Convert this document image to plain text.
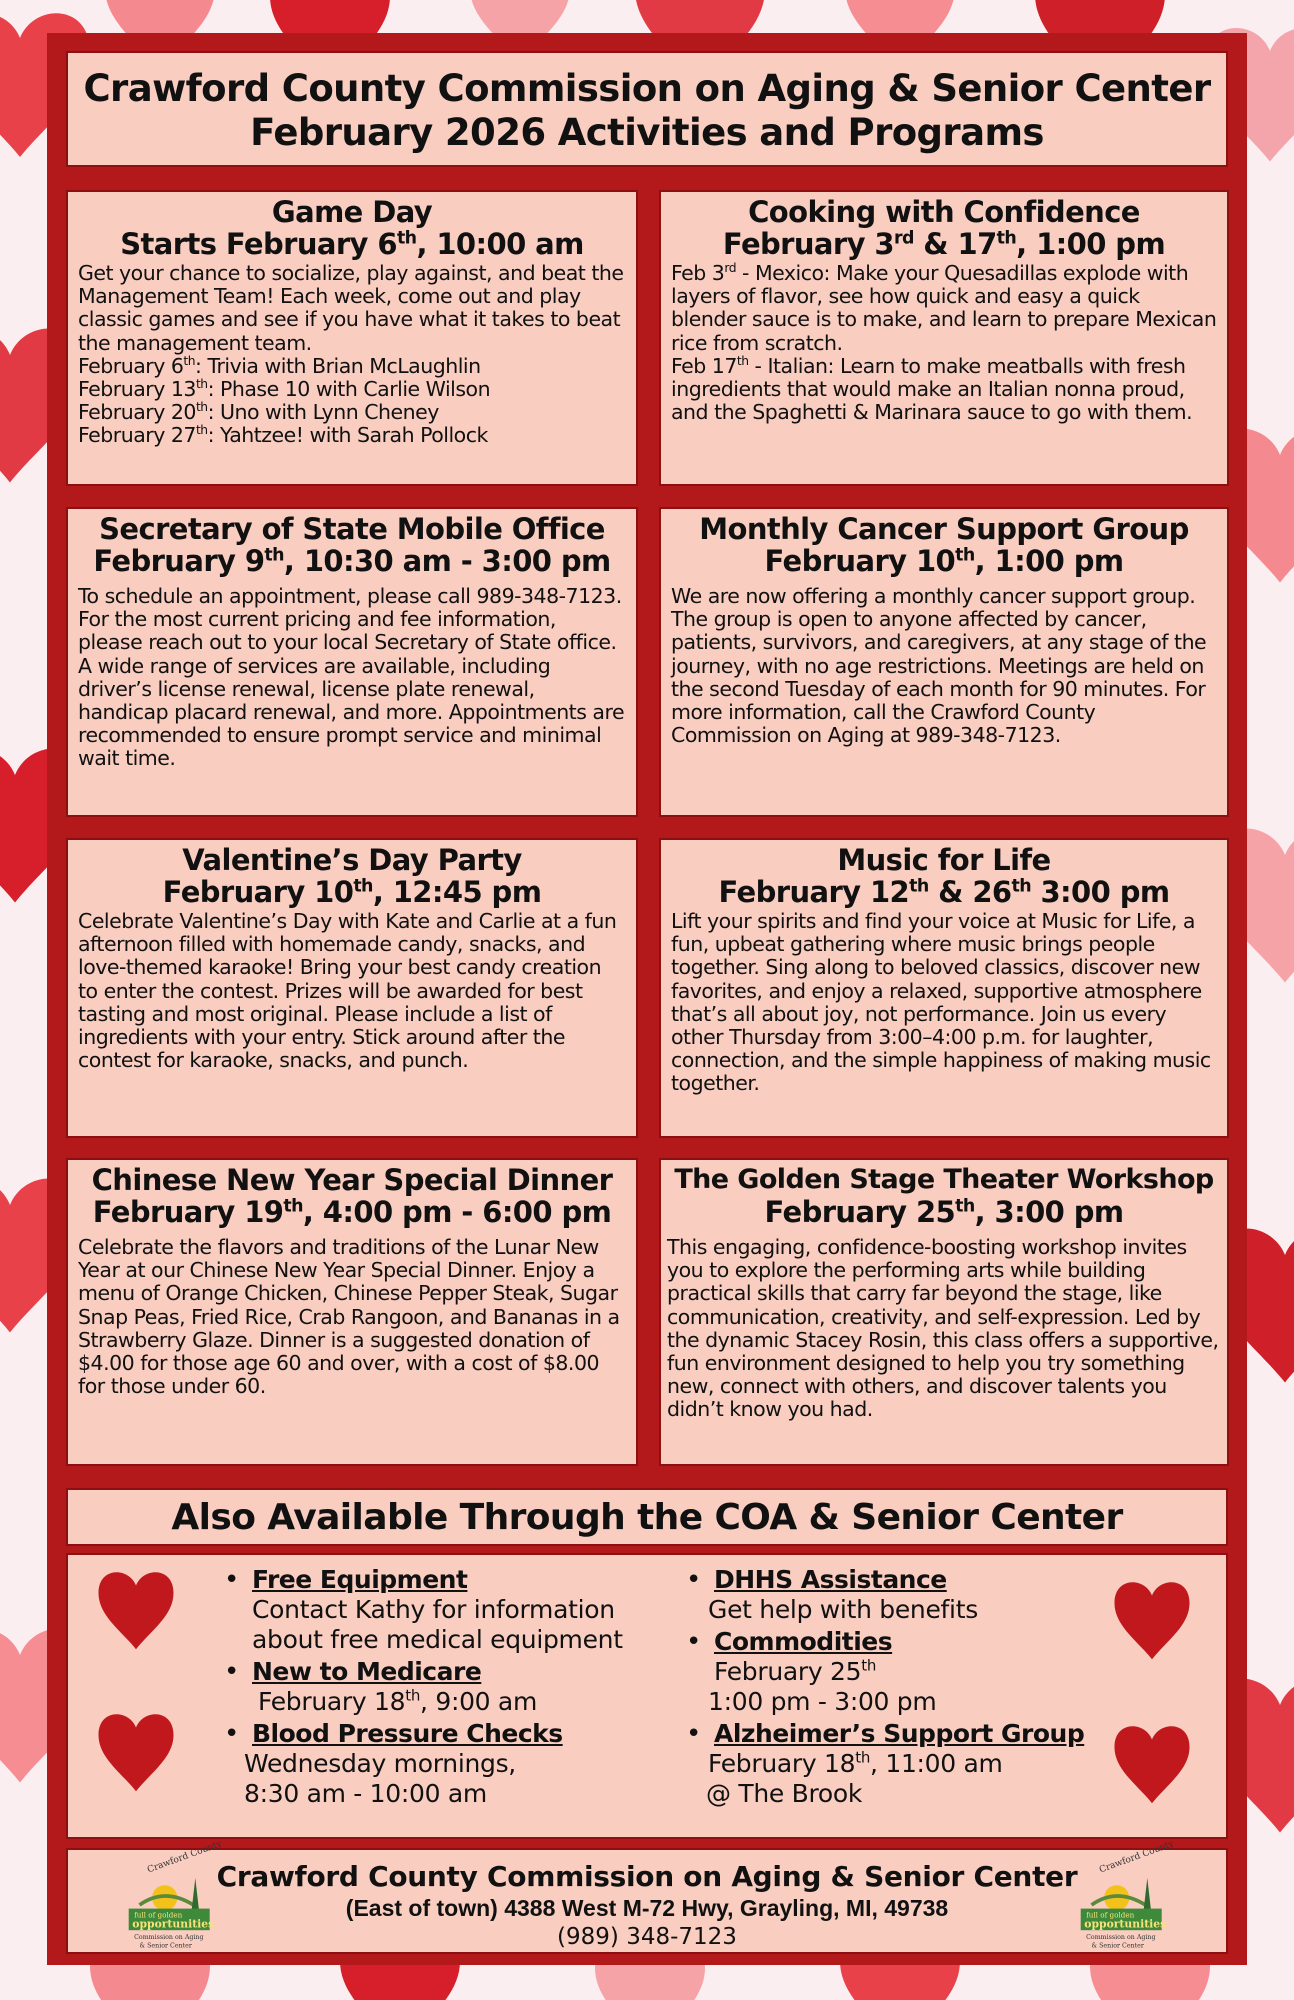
Crawford County Commission on Aging & Senior Center
February 2026 Activities and Programs
Game Day
Starts February 6th, 10:00 am

Get your chance to socialize, play against, and beat the Management Team! Each week, come out and play classic games and see if you have what it takes to beat the management team.

February 6th: Trivia with Brian McLaughlin
February 13th: Phase 10 with Carlie Wilson
February 20th: Uno with Lynn Cheney
February 27th: Yahtzee! with Sarah Pollock

Cooking with Confidence
February 3rd & 17th, 1:00 pm

Feb 3rd - Mexico: Make your Quesadillas explode with layers of flavor, see how quick and easy a quick blender sauce is to make, and learn to prepare Mexican rice from scratch.

Feb 17th - Italian: Learn to make meatballs with fresh ingredients that would make an Italian nonna proud, and the Spaghetti & Marinara sauce to go with them.

Secretary of State Mobile Office
February 9th, 10:30 am - 3:00 pm

To schedule an appointment, please call 989-348-7123. For the most current pricing and fee information, please reach out to your local Secretary of State office. A wide range of services are available, including driver’s license renewal, license plate renewal, handicap placard renewal, and more. Appointments are recommended to ensure prompt service and minimal wait time.

Monthly Cancer Support Group
February 10th, 1:00 pm

We are now offering a monthly cancer support group. The group is open to anyone affected by cancer, patients, survivors, and caregivers, at any stage of the journey, with no age restrictions. Meetings are held on the second Tuesday of each month for 90 minutes. For more information, call the Crawford County Commission on Aging at 989-348-7123.

Valentine’s Day Party
February 10th, 12:45 pm

Celebrate Valentine’s Day with Kate and Carlie at a fun afternoon filled with homemade candy, snacks, and love-themed karaoke! Bring your best candy creation to enter the contest. Prizes will be awarded for best tasting and most original. Please include a list of ingredients with your entry. Stick around after the contest for karaoke, snacks, and punch.

Music for Life
February 12th & 26th 3:00 pm

Lift your spirits and find your voice at Music for Life, a fun, upbeat gathering where music brings people together. Sing along to beloved classics, discover new favorites, and enjoy a relaxed, supportive atmosphere that’s all about joy, not performance. Join us every other Thursday from 3:00–4:00 p.m. for laughter, connection, and the simple happiness of making music together.

Chinese New Year Special Dinner
February 19th, 4:00 pm - 6:00 pm

Celebrate the flavors and traditions of the Lunar New Year at our Chinese New Year Special Dinner. Enjoy a menu of Orange Chicken, Chinese Pepper Steak, Sugar Snap Peas, Fried Rice, Crab Rangoon, and Bananas in a Strawberry Glaze. Dinner is a suggested donation of $4.00 for those age 60 and over, with a cost of $8.00 for those under 60.

The Golden Stage Theater Workshop
February 25th, 3:00 pm

This engaging, confidence-boosting workshop invites you to explore the performing arts while building practical skills that carry far beyond the stage, like communication, creativity, and self-expression. Led by the dynamic Stacey Rosin, this class offers a supportive, fun environment designed to help you try something new, connect with others, and discover talents you didn’t know you had.

Also Available Through the COA & Senior Center
• Free Equipment
Contact Kathy for information
about free medical equipment
• New to Medicare
February 18th, 9:00 am
• Blood Pressure Checks
Wednesday mornings,
8:30 am - 10:00 am
• DHHS Assistance
Get help with benefits
• Commodities
February 25th
1:00 pm - 3:00 pm
• Alzheimer’s Support Group
February 18th, 11:00 am
@ The Brook
Crawford County
full of golden
opportunities
Commission on Aging
& Senior Center
Crawford County
full of golden
opportunities
Commission on Aging
& Senior Center
Crawford County Commission on Aging & Senior Center
(East of town) 4388 West M-72 Hwy, Grayling, MI, 49738
(989) 348-7123
